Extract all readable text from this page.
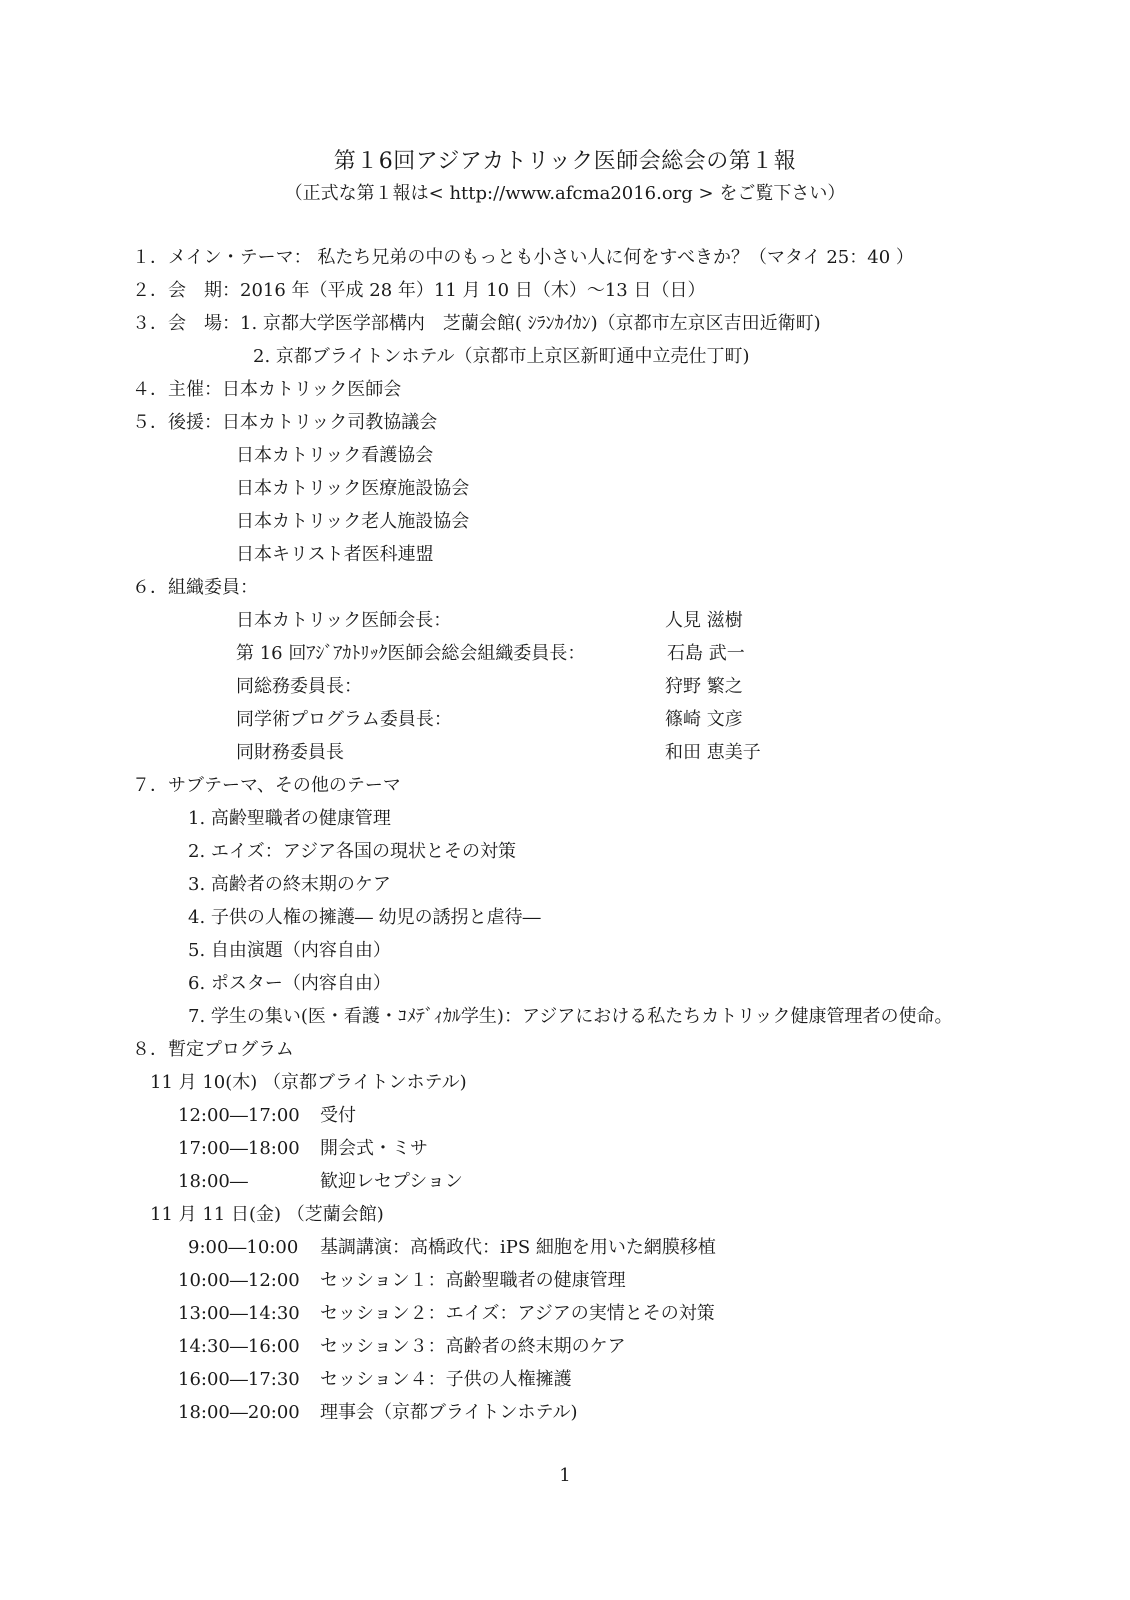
第１6回アジアカトリック医師会総会の第１報
（正式な第１報は< http://www.afcma2016.org > をご覧下さい）
１．メイン・テーマ： 私たち兄弟の中のもっとも小さい人に何をすべきか？（マタイ 25：40 ）
２．会　期：2016 年（平成 28 年）11 月 10 日（木）～13 日（日）
３．会　場：1. 京都大学医学部構内　芝蘭会館( ｼﾗﾝｶｲｶﾝ)（京都市左京区吉田近衛町)
2. 京都ブライトンホテル（京都市上京区新町通中立売仕丁町)
４．主催：日本カトリック医師会
５．後援：日本カトリック司教協議会
日本カトリック看護協会
日本カトリック医療施設協会
日本カトリック老人施設協会
日本キリスト者医科連盟
６．組織委員：
日本カトリック医師会長：	人見 滋樹
第 16 回ｱｼﾞｱｶﾄﾘｯｸ医師会総会組織委員長：	石島 武一
同総務委員長：	狩野 繁之
同学術プログラム委員長：	篠崎 文彦
同財務委員長	和田 恵美子
７．サブテーマ、その他のテーマ
1. 高齢聖職者の健康管理
2. エイズ：アジア各国の現状とその対策
3. 高齢者の終末期のケア
4. 子供の人権の擁護― 幼児の誘拐と虐待―
5. 自由演題（内容自由）
6. ポスター（内容自由）
7. 学生の集い(医・看護・ｺﾒﾃﾞｨｶﾙ学生)：アジアにおける私たちカトリック健康管理者の使命。
８．暫定プログラム
11 月 10(木) （京都ブライトンホテル)
12:00―17:00 受付
17:00―18:00 開会式・ミサ
18:00―	歓迎レセプション
11 月 11 日(金) （芝蘭会館)
9:00―10:00 基調講演：高橋政代：iPS 細胞を用いた網膜移植
10:00―12:00 セッション１：高齢聖職者の健康管理
13:00―14:30 セッション２：エイズ：アジアの実情とその対策
14:30―16:00 セッション３：高齢者の終末期のケア
16:00―17:30 セッション４：子供の人権擁護
18:00―20:00 理事会（京都ブライトンホテル)
1
